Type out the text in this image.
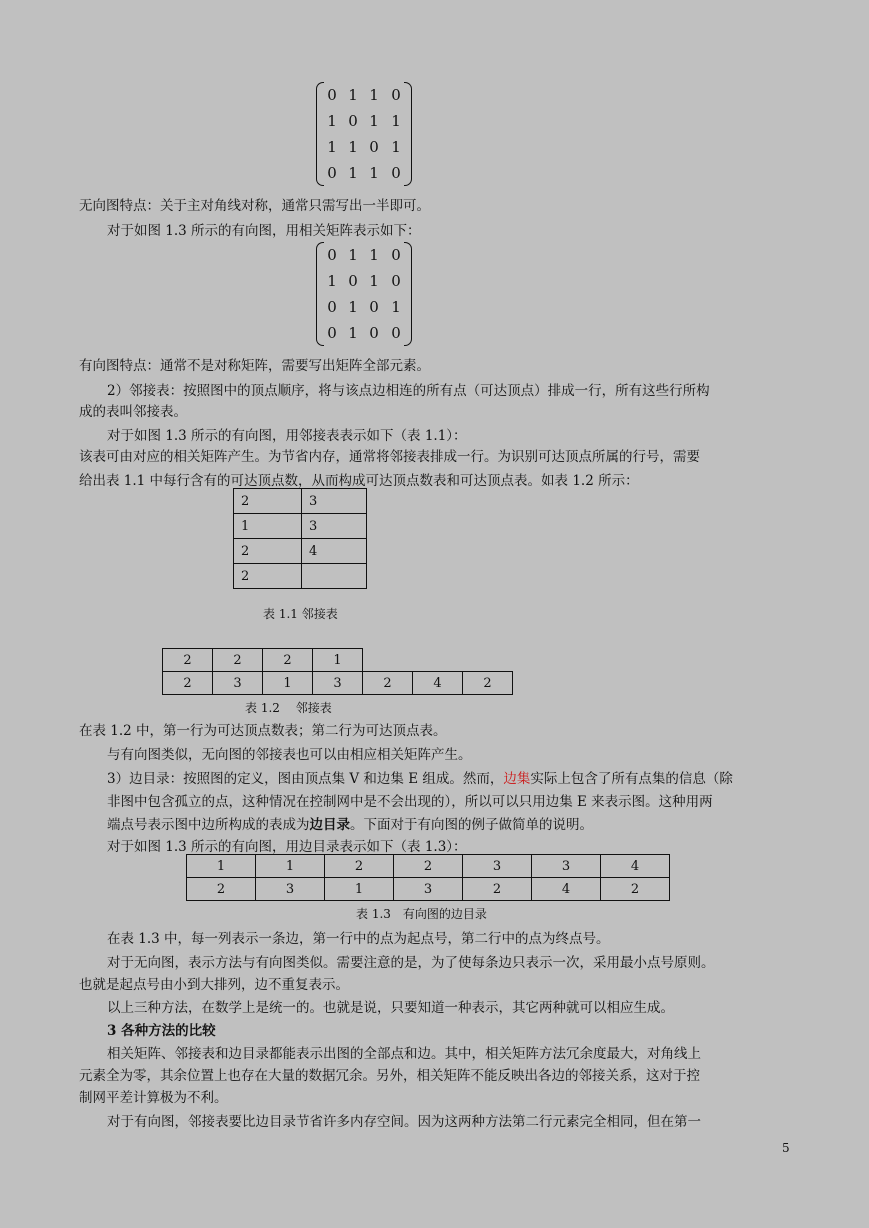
0 1 1 0
1 0 1 1
1 1 0 1
0 1 1 0
无向图特点：关于主对角线对称，通常只需写出一半即可。
对于如图 1.3 所示的有向图，用相关矩阵表示如下：
0 1 1 0
1 0 1 0
0 1 0 1
0 1 0 0
有向图特点：通常不是对称矩阵，需要写出矩阵全部元素。
2）邻接表：按照图中的顶点顺序，将与该点边相连的所有点（可达顶点）排成一行，所有这些行所构
成的表叫邻接表。
对于如图 1.3 所示的有向图，用邻接表表示如下（表 1.1）：
该表可由对应的相关矩阵产生。为节省内存，通常将邻接表排成一行。为识别可达顶点所属的行号，需要
给出表 1.1 中每行含有的可达顶点数，从而构成可达顶点数表和可达顶点表。如表 1.2 所示：
2	3
1	3
2	4
2	
表 1.1 邻接表
2	2	2	1
2	3	1	3	2	4	2
表 1.2　 邻接表
在表 1.2 中，第一行为可达顶点数表；第二行为可达顶点表。
与有向图类似，无向图的邻接表也可以由相应相关矩阵产生。
3）边目录：按照图的定义，图由顶点集 V 和边集 E 组成。然而，边集实际上包含了所有点集的信息（除
非图中包含孤立的点，这种情况在控制网中是不会出现的），所以可以只用边集 E 来表示图。这种用两
端点号表示图中边所构成的表成为边目录。下面对于有向图的例子做简单的说明。
对于如图 1.3 所示的有向图，用边目录表示如下（表 1.3）：
1	1	2	2	3	3	4
2	3	1	3	2	4	2
表 1.3　有向图的边目录
在表 1.3 中，每一列表示一条边，第一行中的点为起点号，第二行中的点为终点号。
对于无向图，表示方法与有向图类似。需要注意的是，为了使每条边只表示一次，采用最小点号原则。
也就是起点号由小到大排列，边不重复表示。
以上三种方法，在数学上是统一的。也就是说，只要知道一种表示，其它两种就可以相应生成。
3 各种方法的比较
相关矩阵、邻接表和边目录都能表示出图的全部点和边。其中，相关矩阵方法冗余度最大，对角线上
元素全为零，其余位置上也存在大量的数据冗余。另外，相关矩阵不能反映出各边的邻接关系，这对于控
制网平差计算极为不利。
对于有向图，邻接表要比边目录节省许多内存空间。因为这两种方法第二行元素完全相同，但在第一
5
